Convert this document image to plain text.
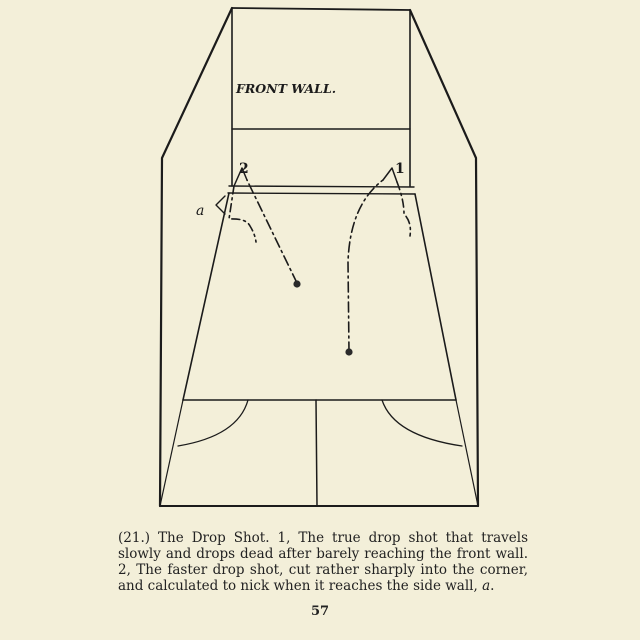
FRONT WALL.
1
2
a

(21.) The Drop Shot. 1, The true drop shot that travels slowly and drops dead after barely reaching the front wall. 2, The faster drop shot, cut rather sharply into the corner, and calculated to nick when it reaches the side wall, a.

57
